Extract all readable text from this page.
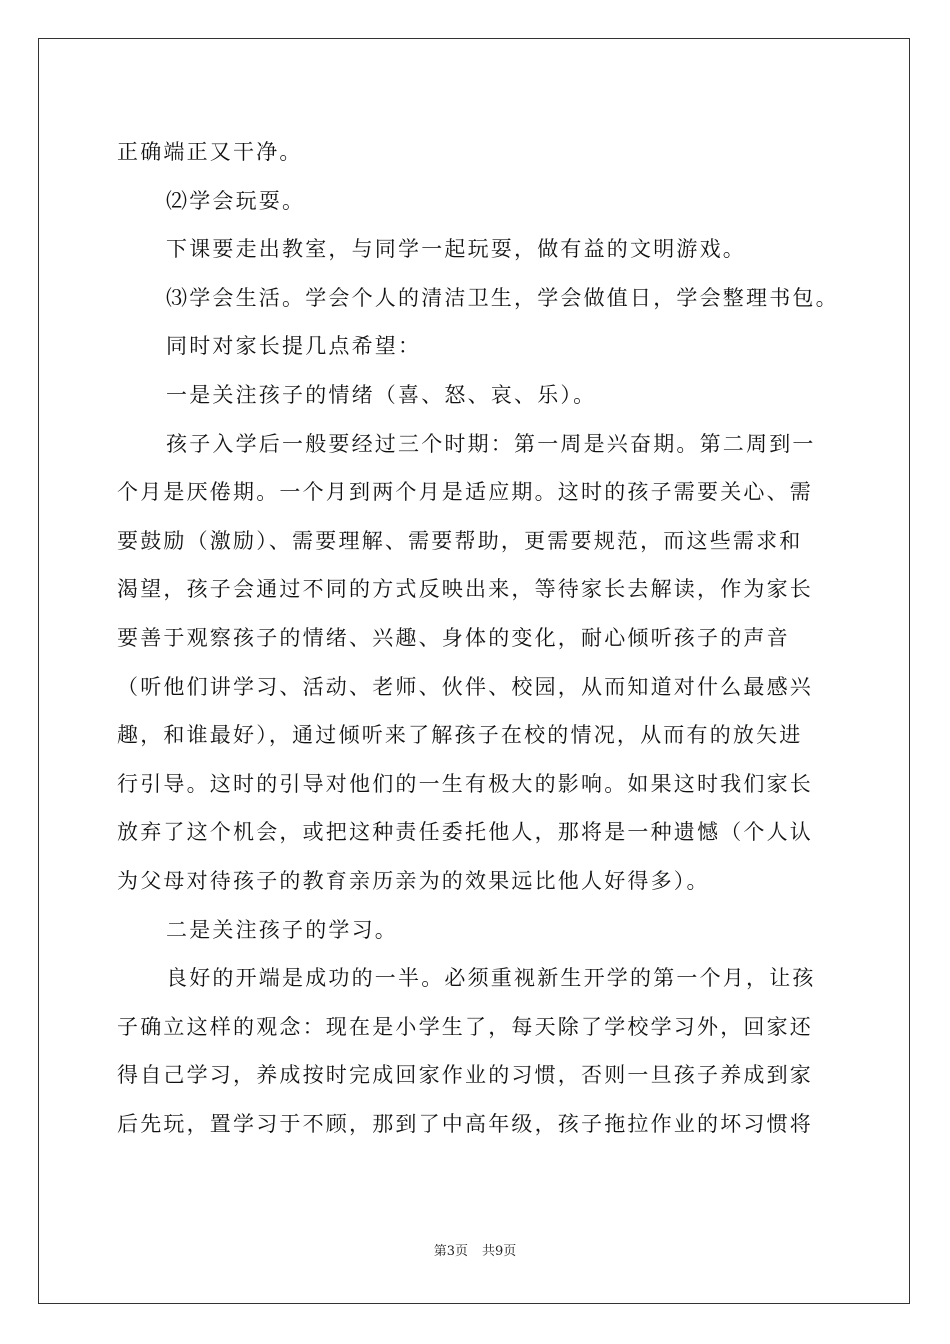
正确端正又干净。
⑵学会玩耍。
下课要走出教室，与同学一起玩耍，做有益的文明游戏。
⑶学会生活。学会个人的清洁卫生，学会做值日，学会整理书包。
同时对家长提几点希望：
一是关注孩子的情绪（喜、怒、哀、乐）。
孩子入学后一般要经过三个时期：第一周是兴奋期。第二周到一
个月是厌倦期。一个月到两个月是适应期。这时的孩子需要关心、需
要鼓励（激励）、需要理解、需要帮助，更需要规范，而这些需求和
渴望，孩子会通过不同的方式反映出来，等待家长去解读，作为家长
要善于观察孩子的情绪、兴趣、身体的变化，耐心倾听孩子的声音
（听他们讲学习、活动、老师、伙伴、校园，从而知道对什么最感兴
趣，和谁最好），通过倾听来了解孩子在校的情况，从而有的放矢进
行引导。这时的引导对他们的一生有极大的影响。如果这时我们家长
放弃了这个机会，或把这种责任委托他人，那将是一种遗憾（个人认
为父母对待孩子的教育亲历亲为的效果远比他人好得多）。
二是关注孩子的学习。
良好的开端是成功的一半。必须重视新生开学的第一个月，让孩
子确立这样的观念：现在是小学生了，每天除了学校学习外，回家还
得自己学习，养成按时完成回家作业的习惯，否则一旦孩子养成到家
后先玩，置学习于不顾，那到了中高年级，孩子拖拉作业的坏习惯将
第3页 共9页
